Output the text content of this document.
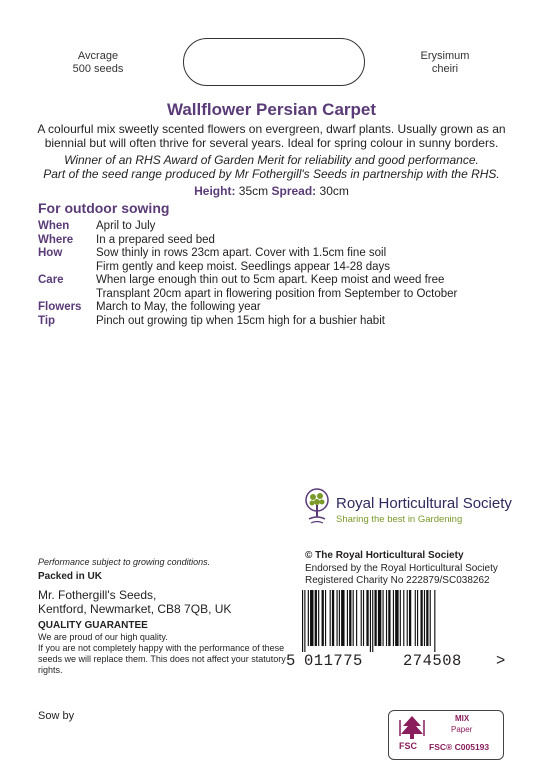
Avcrage
500 seeds
Erysimum
cheiri
Wallflower Persian Carpet
A colourful mix sweetly scented flowers on evergreen, dwarf plants. Usually grown as an biennial but will often thrive for several years. Ideal for spring colour in sunny borders.
Winner of an RHS Award of Garden Merit for reliability and good performance.
Part of the seed range produced by Mr Fothergill's Seeds in partnership with the RHS.
Height: 35cm Spread: 30cm
For outdoor sowing
When	April to July
Where	In a prepared seed bed
How	Sow thinly in rows 23cm apart. Cover with 1.5cm fine soil
Firm gently and keep moist. Seedlings appear 14-28 days
Care	When large enough thin out to 5cm apart. Keep moist and weed free
Transplant 20cm apart in flowering position from September to October
Flowers	March to May, the following year
Tip	Pinch out growing tip when 15cm high for a bushier habit
Royal Horticultural Society
Sharing the best in Gardening
© The Royal Horticultural Society
Endorsed by the Royal Horticultural Society
Registered Charity No 222879/SC038262
Performance subject to growing conditions.
Packed in UK
Mr. Fothergill's Seeds,
Kentford, Newmarket, CB8 7QB, UK
QUALITY GUARANTEE
We are proud of our high quality.
If you are not completely happy with the performance of these seeds we will replace them. This does not affect your statutory rights.
Sow by
5 011775	274508 >
FSC
MIX
Paper
FSC® C005193
